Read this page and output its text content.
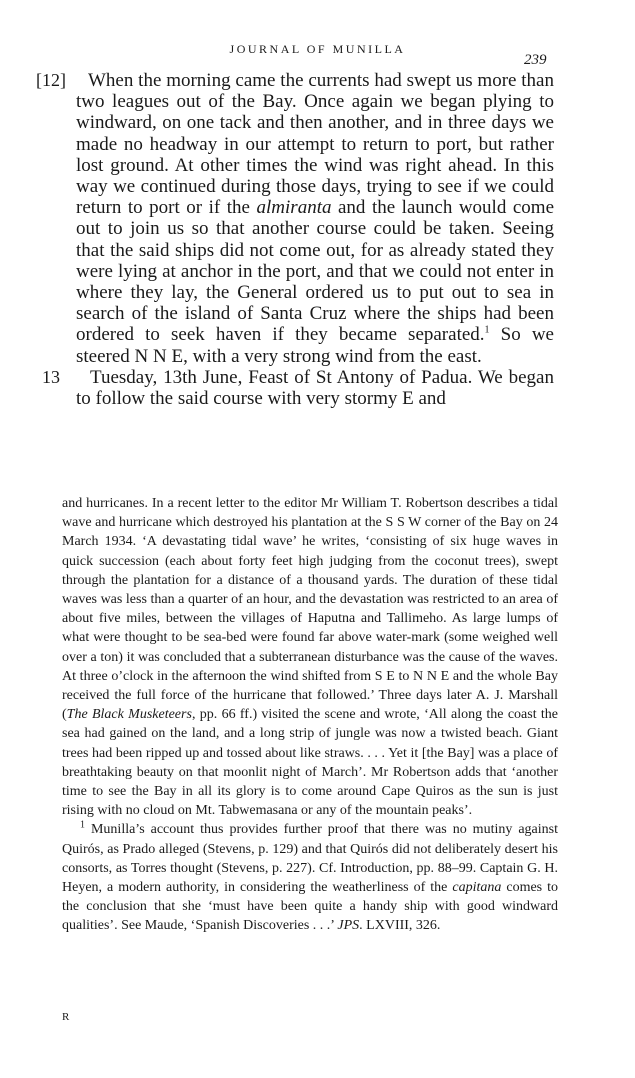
JOURNAL OF MUNILLA
239

[12] When the morning came the currents had swept us more than two leagues out of the Bay. Once again we began plying to windward, on one tack and then another, and in three days we made no headway in our attempt to return to port, but rather lost ground. At other times the wind was right ahead. In this way we continued during those days, trying to see if we could return to port or if the almiranta and the launch would come out to join us so that another course could be taken. Seeing that the said ships did not come out, for as already stated they were lying at anchor in the port, and that we could not enter in where they lay, the General ordered us to put out to sea in search of the island of Santa Cruz where the ships had been ordered to seek haven if they became separated.$^1$ So we steered N N E, with a very strong wind from the east.

13 Tuesday, 13th June, Feast of St Antony of Padua. We began to follow the said course with very stormy E and

and hurricanes. In a recent letter to the editor Mr William T. Robertson describes a tidal wave and hurricane which destroyed his plantation at the S S W corner of the Bay on 24 March 1934. ‘A devastating tidal wave’ he writes, ‘consisting of six huge waves in quick succession (each about forty feet high judging from the coconut trees), swept through the plantation for a distance of a thousand yards. The duration of these tidal waves was less than a quarter of an hour, and the devastation was restricted to an area of about five miles, between the villages of Haputna and Tallimeho. As large lumps of what were thought to be sea-bed were found far above water-mark (some weighed well over a ton) it was concluded that a subterranean disturbance was the cause of the waves. At three o’clock in the afternoon the wind shifted from S E to N N E and the whole Bay received the full force of the hurricane that followed.’ Three days later A. J. Marshall (The Black Musketeers, pp. 66 ff.) visited the scene and wrote, ‘All along the coast the sea had gained on the land, and a long strip of jungle was now a twisted beach. Giant trees had been ripped up and tossed about like straws. . . . Yet it [the Bay] was a place of breathtaking beauty on that moonlit night of March’. Mr Robertson adds that ‘another time to see the Bay in all its glory is to come around Cape Quiros as the sun is just rising with no cloud on Mt. Tabwemasana or any of the mountain peaks’.

$^1$ Munilla’s account thus provides further proof that there was no mutiny against Quirós, as Prado alleged (Stevens, p. 129) and that Quirós did not deliberately desert his consorts, as Torres thought (Stevens, p. 227). Cf. Introduction, pp. 88–99. Captain G. H. Heyen, a modern authority, in considering the weatherliness of the capitana comes to the conclusion that she ‘must have been quite a handy ship with good windward qualities’. See Maude, ‘Spanish Discoveries . . .’ JPS. LXVIII, 326.

R
